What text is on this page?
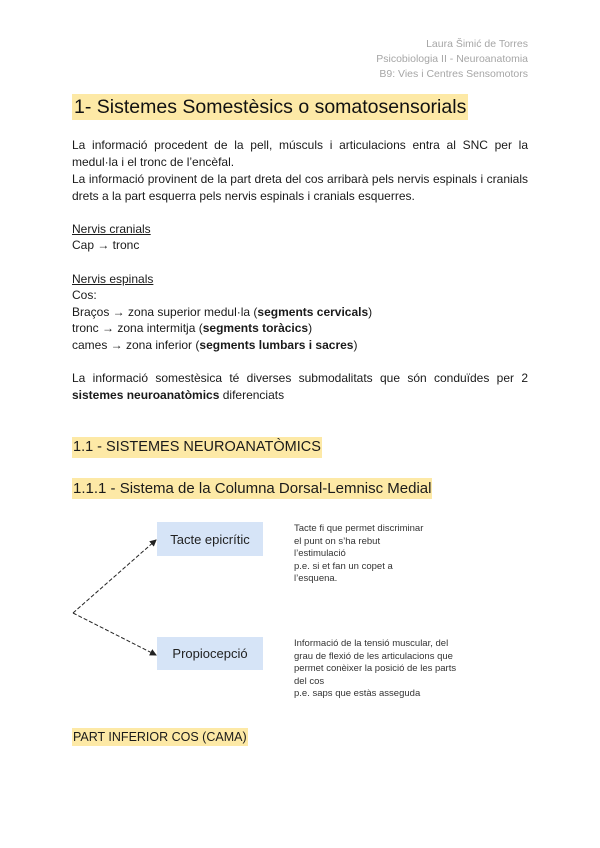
Laura Šimić de Torres
Psicobiologia II - Neuroanatomia
B9: Vies i Centres Sensomotors
1- Sistemes Somestèsics o somatosensorials

La informació procedent de la pell, músculs i articulacions entra al SNC per la medul·la i el tronc de l’encèfal.

La informació provinent de la part dreta del cos arribarà pels nervis espinals i cranials drets a la part esquerra pels nervis espinals i cranials esquerres.

Nervis cranials
Cap → tronc
Nervis espinals
Cos:
Braços → zona superior medul·la (segments cervicals)
tronc → zona intermitja (segments toràcics)
cames → zona inferior (segments lumbars i sacres)

La informació somestèsica té diverses submodalitats que són conduïdes per 2 sistemes neuroanatòmics diferenciats

1.1 - SISTEMES NEUROANATÒMICS
1.1.1 - Sistema de la Columna Dorsal-Lemnisc Medial
Tacte epicrític
Propiocepció
Tacte fi que permet discriminar
el punt on s’ha rebut
l’estimulació
p.e. si et fan un copet a
l’esquena.
Informació de la tensió muscular, del
grau de flexió de les articulacions que
permet conèixer la posició de les parts
del cos
p.e. saps que estàs asseguda
PART INFERIOR COS (CAMA)
